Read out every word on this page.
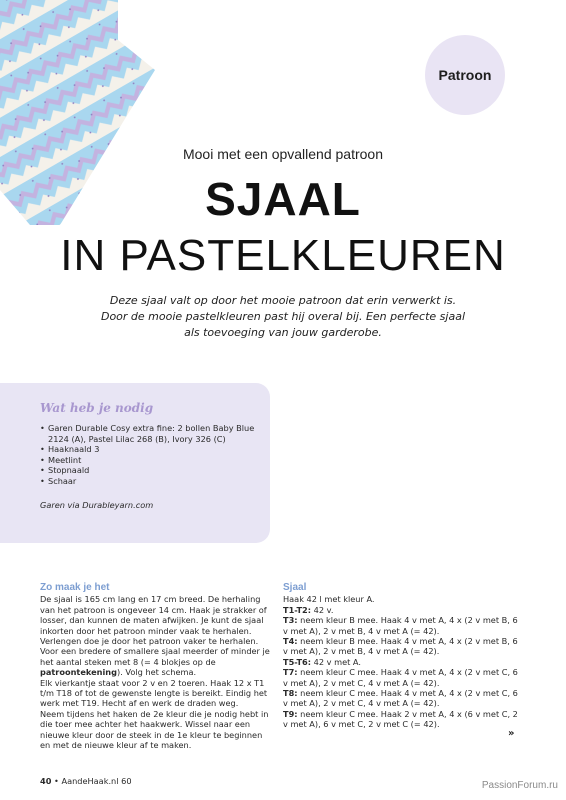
Patroon
Mooi met een opvallend patroon
SJAAL
IN PASTELKLEUREN
Deze sjaal valt op door het mooie patroon dat erin verwerkt is. Door de mooie pastelkleuren past hij overal bij. Een perfecte sjaal als toevoeging van jouw garderobe.
Wat heb je nodig
• Garen Durable Cosy extra fine: 2 bollen Baby Blue 2124 (A), Pastel Lilac 268 (B), Ivory 326 (C)
• Haaknaald 3
• Meetlint
• Stopnaald
• Schaar
Garen via Durableyarn.com
Zo maak je het

De sjaal is 165 cm lang en 17 cm breed. De herhaling van het patroon is ongeveer 14 cm. Haak je strakker of losser, dan kunnen de maten afwijken. Je kunt de sjaal inkorten door het patroon minder vaak te herhalen. Verlengen doe je door het patroon vaker te herhalen. Voor een bredere of smallere sjaal meerder of minder je het aantal steken met 8 (= 4 blokjes op de patroontekening). Volg het schema.

Elk vierkantje staat voor 2 v en 2 toeren. Haak 12 x T1 t/m T18 of tot de gewenste lengte is bereikt. Eindig het werk met T19. Hecht af en werk de draden weg.

Neem tijdens het haken de 2e kleur die je nodig hebt in die toer mee achter het haakwerk. Wissel naar een nieuwe kleur door de steek in de 1e kleur te beginnen en met de nieuwe kleur af te maken.

Sjaal

Haak 42 l met kleur A.

T1-T2: 42 v.

T3: neem kleur B mee. Haak 4 v met A, 4 x (2 v met B, 6 v met A), 2 v met B, 4 v met A (= 42).

T4: neem kleur B mee. Haak 4 v met A, 4 x (2 v met B, 6 v met A), 2 v met B, 4 v met A (= 42).

T5-T6: 42 v met A.

T7: neem kleur C mee. Haak 4 v met A, 4 x (2 v met C, 6 v met A), 2 v met C, 4 v met A (= 42).

T8: neem kleur C mee. Haak 4 v met A, 4 x (2 v met C, 6 v met A), 2 v met C, 4 v met A (= 42).

T9: neem kleur C mee. Haak 2 v met A, 4 x (6 v met C, 2 v met A), 6 v met C, 2 v met C (= 42).

»
40 • AandeHaak.nl 60	PassionForum.ru
